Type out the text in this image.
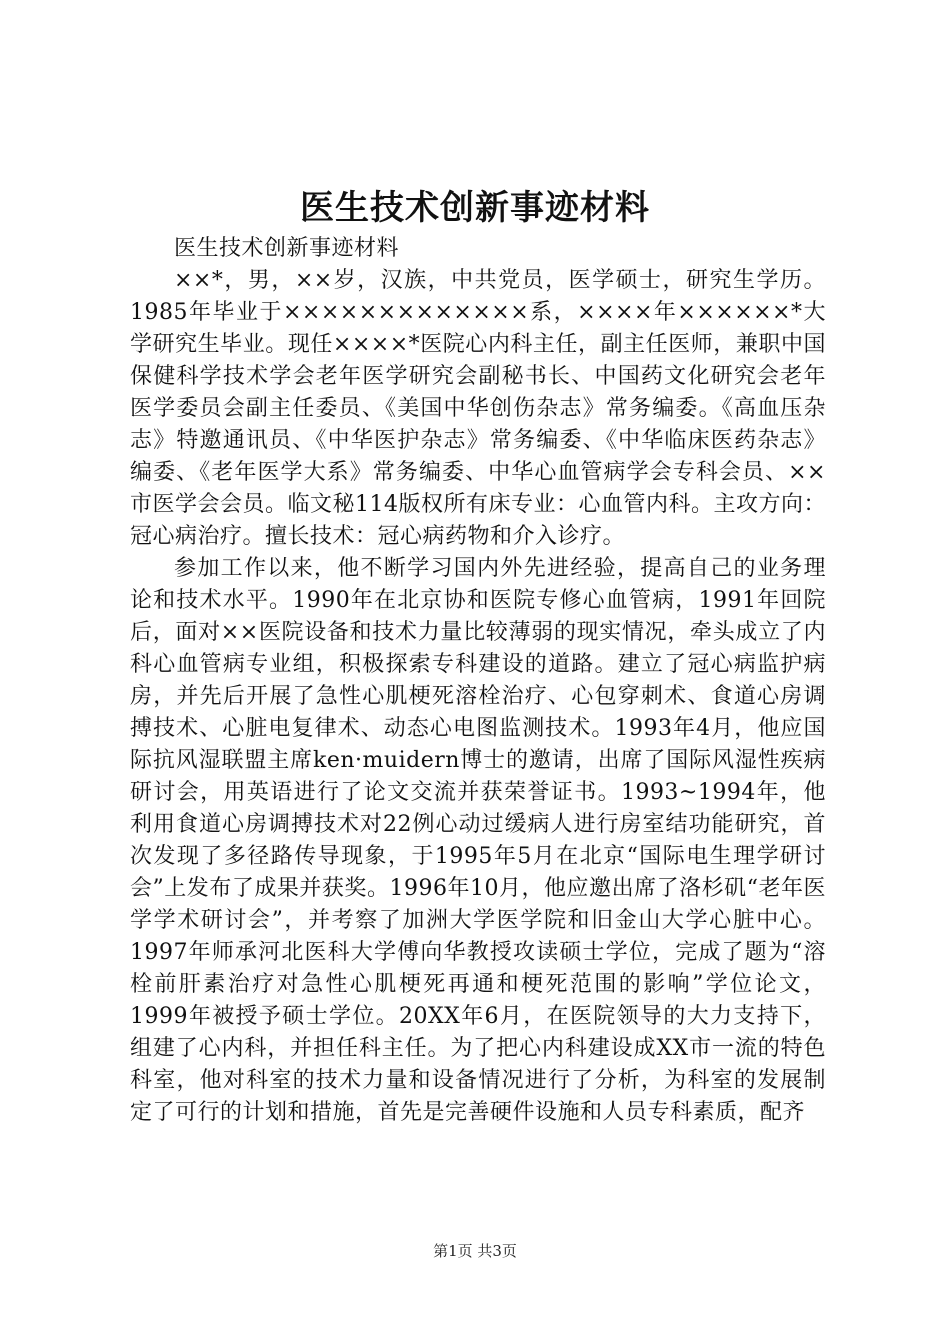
医生技术创新事迹材料

医生技术创新事迹材料

××*，男，××岁，汉族，中共党员，医学硕士，研究生学历。1985年毕业于×××××××××××××系，××××年××××××*大学研究生毕业。现任××××*医院心内科主任，副主任医师，兼职中国保健科学技术学会老年医学研究会副秘书长、中国药文化研究会老年医学委员会副主任委员、《美国中华创伤杂志》常务编委。《高血压杂志》特邀通讯员、《中华医护杂志》常务编委、《中华临床医药杂志》编委、《老年医学大系》常务编委、中华心血管病学会专科会员、××市医学会会员。临文秘114版权所有床专业：心血管内科。主攻方向：冠心病治疗。擅长技术：冠心病药物和介入诊疗。

参加工作以来，他不断学习国内外先进经验，提高自己的业务理论和技术水平。1990年在北京协和医院专修心血管病，1991年回院后，面对××医院设备和技术力量比较薄弱的现实情况，牵头成立了内科心血管病专业组，积极探索专科建设的道路。建立了冠心病监护病房，并先后开展了急性心肌梗死溶栓治疗、心包穿刺术、食道心房调搏技术、心脏电复律术、动态心电图监测技术。1993年4月，他应国际抗风湿联盟主席ken·muidern博士的邀请，出席了国际风湿性疾病研讨会，用英语进行了论文交流并获荣誉证书。1993~1994年，他利用食道心房调搏技术对22例心动过缓病人进行房室结功能研究，首次发现了多径路传导现象，于1995年5月在北京“国际电生理学研讨会”上发布了成果并获奖。1996年10月，他应邀出席了洛杉矶“老年医学学术研讨会”，并考察了加洲大学医学院和旧金山大学心脏中心。1997年师承河北医科大学傅向华教授攻读硕士学位，完成了题为“溶栓前肝素治疗对急性心肌梗死再通和梗死范围的影响”学位论文，1999年被授予硕士学位。20XX年6月，在医院领导的大力支持下，组建了心内科，并担任科主任。为了把心内科建设成XX市一流的特色科室，他对科室的技术力量和设备情况进行了分析，为科室的发展制定了可行的计划和措施，首先是完善硬件设施和人员专科素质，配齐

第1页 共3页
